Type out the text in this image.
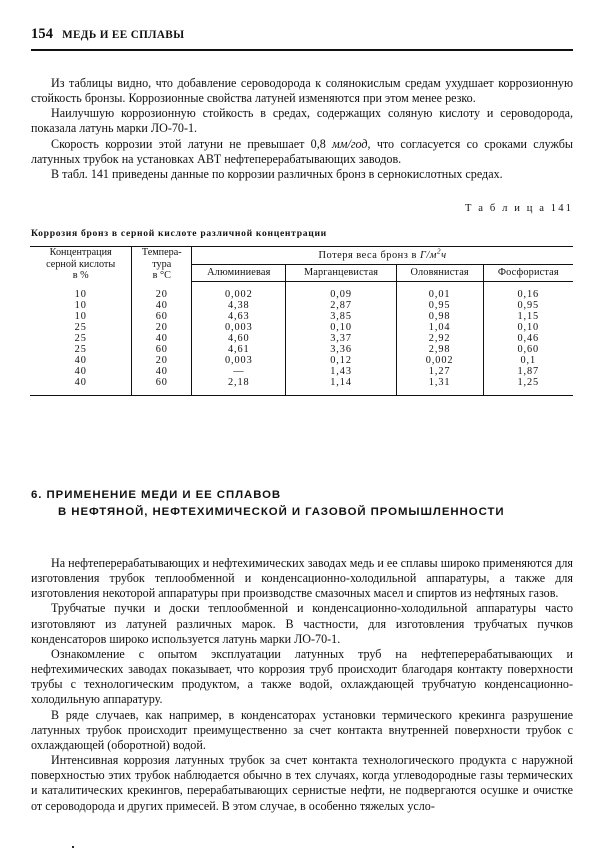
154 МЕДЬ И ЕЕ СПЛАВЫ

Из таблицы видно, что добавление сероводорода к солянокислым средам ухудшает коррозионную стойкость бронзы. Коррозионные свойства латуней изменяются при этом менее резко.

Наилучшую коррозионную стойкость в средах, содержащих соляную кислоту и сероводорода, показала латунь марки ЛО-70-1.

Скорость коррозии этой латуни не превышает 0,8 мм/год, что согласуется со сроками службы латунных трубок на установках АВТ нефтеперерабатывающих заводов.

В табл. 141 приведены данные по коррозии различных бронз в сернокислотных средах.

Т а б л и ц а 141
Коррозия бронз в серной кислоте различной концентрации
Концентрация
серной кислоты
в %

Темпера-
тура
в °С
	Потеря веса бронз в $Г/м^2ч$
		Алюминиевая	Марганцевистая	Оловянистая	Фосфористая
10	20	0,002	0,09	0,01	0,16
10	40	4,38	2,87	0,95	0,95
10	60	4,63	3,85	0,98	1,15
25	20	0,003	0,10	1,04	0,10
25	40	4,60	3,37	2,92	0,46
25	60	4,61	3,36	2,98	0,60
40	20	0,003	0,12	0,002	0,1
40	40	—	1,43	1,27	1,87
40	60	2,18	1,14	1,31	1,25
6. ПРИМЕНЕНИЕ МЕДИ И ЕЕ СПЛАВОВ
В НЕФТЯНОЙ, НЕФТЕХИМИЧЕСКОЙ И ГАЗОВОЙ ПРОМЫШЛЕННОСТИ

На нефтеперерабатывающих и нефтехимических заводах медь и ее сплавы широко применяются для изготовления трубок теплообменной и конденсационно-холодильной аппаратуры, а также для изготовления некоторой аппаратуры при производстве смазочных масел и спиртов из нефтяных газов.

Трубчатые пучки и доски теплообменной и конденсационно-холодильной аппаратуры часто изготовляют из латуней различных марок. В частности, для изготовления трубчатых пучков конденсаторов широко используется латунь марки ЛО-70-1.

Ознакомление с опытом эксплуатации латунных труб на нефтеперерабатывающих и нефтехимических заводах показывает, что коррозия труб происходит благодаря контакту поверхности трубы с технологическим продуктом, а также водой, охлаждающей трубчатую конденсационно-холодильную аппаратуру.

В ряде случаев, как например, в конденсаторах установки термического крекинга разрушение латунных трубок происходит преимущественно за счет контакта внутренней поверхности трубок с охлаждающей (оборотной) водой.

Интенсивная коррозия латунных трубок за счет контакта технологического продукта с наружной поверхностью этих трубок наблюдается обычно в тех случаях, когда углеводородные газы термических и каталитических крекингов, перерабатывающих сернистые нефти, не подвергаются осушке и очистке от сероводорода и других примесей. В этом случае, в особенно тяжелых усло-
